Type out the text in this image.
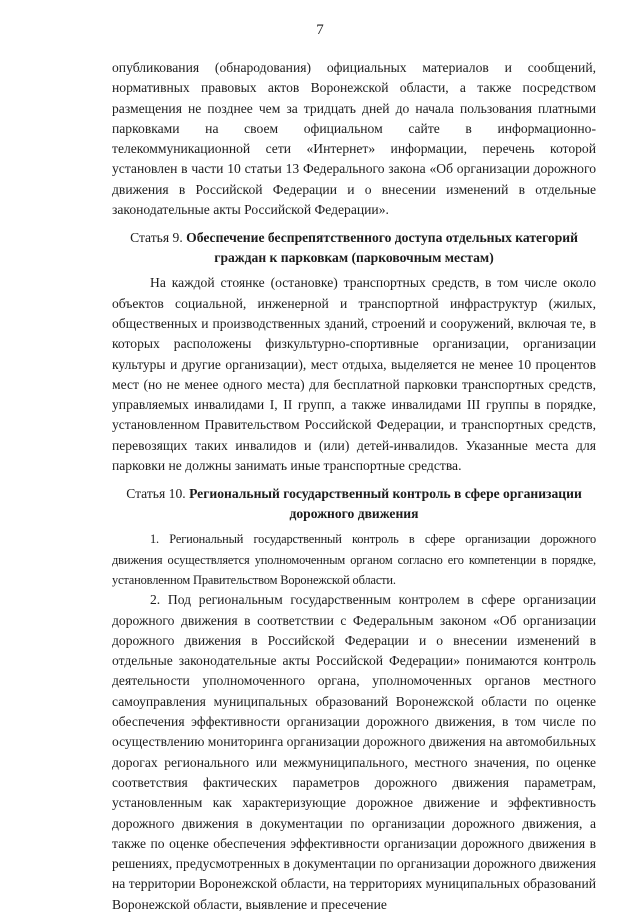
7

опубликования (обнародования) официальных материалов и сообщений, нормативных правовых актов Воронежской области, а также посредством размещения не позднее чем за тридцать дней до начала пользования платными парковками на своем официальном сайте в информационно-телекоммуникационной сети «Интернет» информации, перечень которой установлен в части 10 статьи 13 Федерального закона «Об организации дорожного движения в Российской Федерации и о внесении изменений в отдельные законодательные акты Российской Федерации».

Статья 9. Обеспечение беспрепятственного доступа отдельных категорий граждан к парковкам (парковочным местам)

На каждой стоянке (остановке) транспортных средств, в том числе около объектов социальной, инженерной и транспортной инфраструктур (жилых, общественных и производственных зданий, строений и сооружений, включая те, в которых расположены физкультурно-спортивные организации, организации культуры и другие организации), мест отдыха, выделяется не менее 10 процентов мест (но не менее одного места) для бесплатной парковки транспортных средств, управляемых инвалидами I, II групп, а также инвалидами III группы в порядке, установленном Правительством Российской Федерации, и транспортных средств, перевозящих таких инвалидов и (или) детей-инвалидов. Указанные места для парковки не должны занимать иные транспортные средства.

Статья 10. Региональный государственный контроль в сфере организации дорожного движения

1. Региональный государственный контроль в сфере организации дорожного движения осуществляется уполномоченным органом согласно его компетенции в порядке, установленном Правительством Воронежской области.

2. Под региональным государственным контролем в сфере организации дорожного движения в соответствии с Федеральным законом «Об организации дорожного движения в Российской Федерации и о внесении изменений в отдельные законодательные акты Российской Федерации» понимаются контроль деятельности уполномоченного органа, уполномоченных органов местного самоуправления муниципальных образований Воронежской области по оценке обеспечения эффективности организации дорожного движения, в том числе по осуществлению мониторинга организации дорожного движения на автомобильных дорогах регионального или межмуниципального, местного значения, по оценке соответствия фактических параметров дорожного движения параметрам, установленным как характеризующие дорожное движение и эффективность дорожного движения в документации по организации дорожного движения, а также по оценке обеспечения эффективности организации дорожного движения в решениях, предусмотренных в документации по организации дорожного движения на территории Воронежской области, на территориях муниципальных образований Воронежской области, выявление и пресечение
